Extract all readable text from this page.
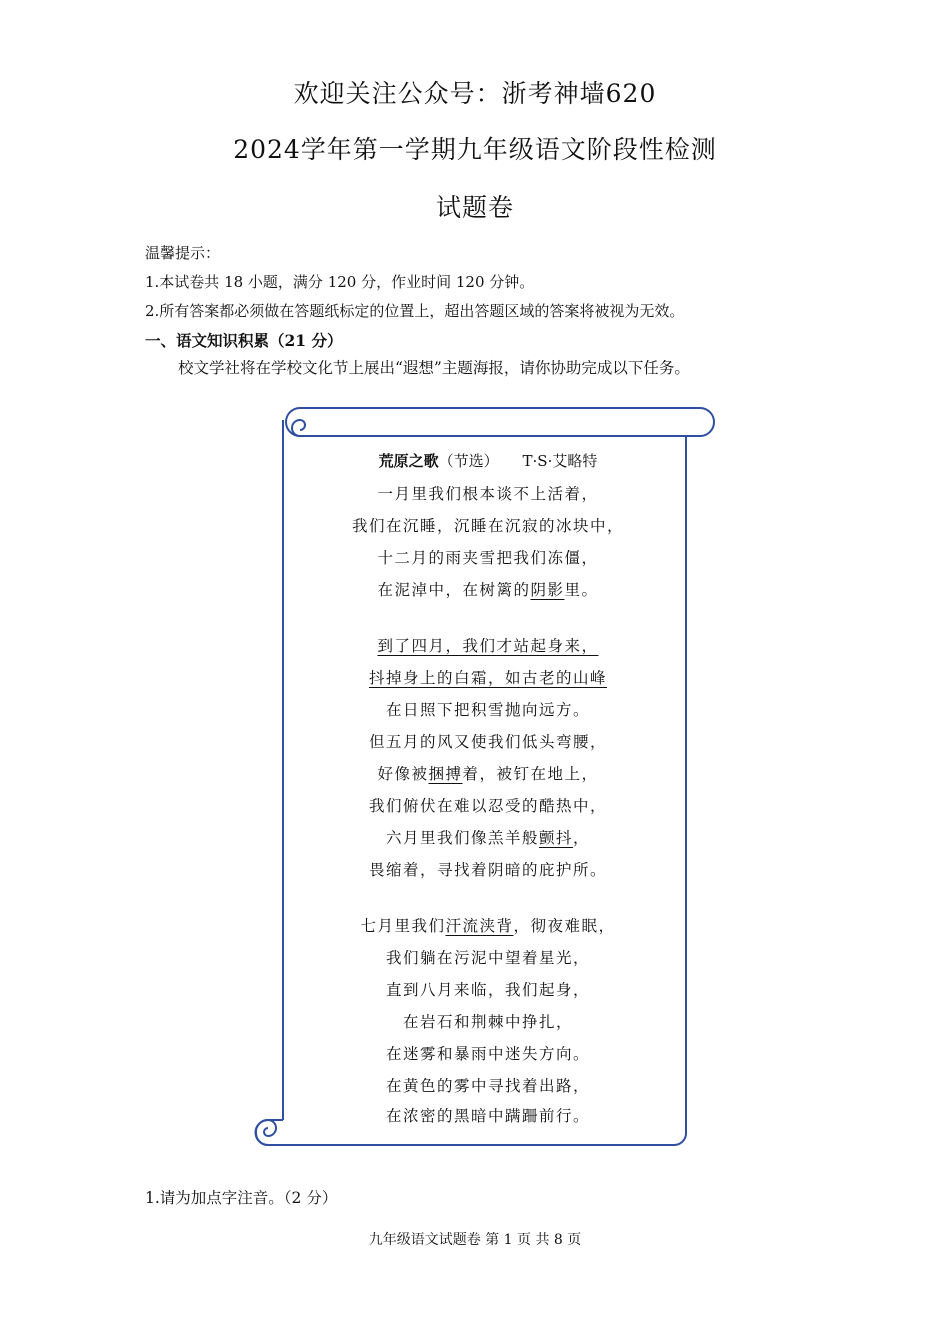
欢迎关注公众号：浙考神墙620
2024学年第一学期九年级语文阶段性检测
试题卷
温馨提示：
1.本试卷共 18 小题，满分 120 分，作业时间 120 分钟。
2.所有答案都必须做在答题纸标定的位置上，超出答题区域的答案将被视为无效。
一、语文知识积累（21 分）
校文学社将在学校文化节上展出“遐想”主题海报，请你协助完成以下任务。
荒原之歌（节选） T·S·艾略特
一月里我们根本谈不上活着，
我们在沉睡，沉睡在沉寂的冰块中，
十二月的雨夹雪把我们冻僵，
在泥淖中，在树篱的阴影里。
到了四月，我们才站起身来，
抖掉身上的白霜，如古老的山峰
在日照下把积雪抛向远方。
但五月的风又使我们低头弯腰，
好像被捆搏着，被钉在地上，
我们俯伏在难以忍受的酷热中，
六月里我们像羔羊般颤抖，
畏缩着，寻找着阴暗的庇护所。
七月里我们汗流浃背，彻夜难眠，
我们躺在污泥中望着星光，
直到八月来临，我们起身，
在岩石和荆棘中挣扎，
在迷雾和暴雨中迷失方向。
在黄色的雾中寻找着出路，
在浓密的黑暗中蹒跚前行。
1.请为加点字注音。（2 分）
九年级语文试题卷 第 1 页 共 8 页
